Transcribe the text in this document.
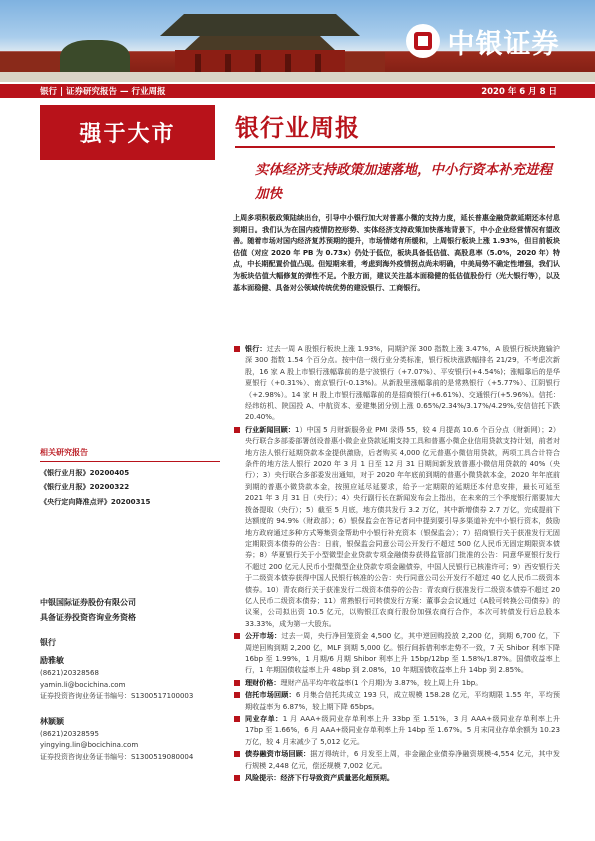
中银证券
银行 | 证券研究报告 — 行业周报	2020 年 6 月 8 日
强于大市	银行业周报
实体经济支持政策加速落地，中小行资本补充进程加快
上周多项积极政策陆续出台，引导中小银行加大对普惠小微的支持力度，延长普惠金融贷款延期还本付息到期日。我们认为在国内疫情防控形势、实体经济支持政策加快落地背景下，中小企业经营情况有望改善。随着市场对国内经济复苏预期的提升，市场情绪有所缓和，上周银行板块上涨 1.93%，但目前板块估值（对应 2020 年 PB 为 0.73x）仍处于低位，板块具备低估值、高股息率（5.0%，2020 年）特点，中长期配置价值凸现。但短期来看，考虑到海外疫情拐点尚未明确，中美局势不确定性增强，我们认为板块估值大幅修复的弹性不足。个股方面，建议关注基本面稳健的低估值股份行（光大银行等），以及基本面稳健、具备对公领域传统优势的建设银行、工商银行。
银行：过去一周 A 股银行板块上涨 1.93%，同期沪深 300 指数上涨 3.47%，A 股银行板块跑输沪深 300 指数 1.54 个百分点。按中信一级行业分类标准，银行板块涨跌幅排名 21/29，不考虑次新股，16 家 A 股上市银行涨幅靠前的是宁波银行（+7.07%）、平安银行(+4.54%)；涨幅靠后的是华夏银行（+0.31%）、南京银行(-0.13%)。从新股里涨幅靠前的是常熟银行（+5.77%）、江阴银行（+2.98%）。14 家 H 股上市银行涨幅靠前的是招商银行(+6.61%)、交通银行(+5.96%)。信托：经纬纺机、陕国投 A、中航资本、爱建集团分别上涨 0.65%/2.34%/3.17%/4.29%,安信信托下跌 20.40%。
行业新闻回顾：1）中国 5 月财新服务业 PMI 录得 55，较 4 月提高 10.6 个百分点（财新网）；2）央行联合多部委部署创设普惠小微企业贷款延期支持工具和普惠小微企业信用贷款支持计划，前者对地方法人银行延期贷款本金提供激励，后者购买 4,000 亿元普惠小微信用贷款，两项工具合计符合条件的地方法人银行 2020 年 3 月 1 日至 12 月 31 日期间新发放普惠小微信用贷款的 40%（央行）；3）央行联合多部委发出通知，对于 2020 年年底前到期的普惠小微贷款本金，2020 年年底前到期的普惠小微贷款本金，按照应延尽延要求，给予一定期限的延期还本付息安排，最长可延至 2021 年 3 月 31 日（央行）；4）央行副行长在新闻发布会上指出，在未来的三个季度银行需要加大拨备提取（央行）；5）截至 5 月底，地方债共发行 3.2 万亿，其中新增债券 2.7 万亿，完成提前下达额度的 94.9%（财政部）；6）银保监会在答记者问中提到要引导多渠道补充中小银行资本，鼓励地方政府通过多种方式筹集资金帮助中小银行补充资本（银保监会）；7）招商银行关于获准发行无固定期限资本债券的公告：日前，银保监会同意公司公开发行不超过 500 亿人民币无固定期限资本债券；8）华夏银行关于小型微型企业贷款专项金融债券获得监管部门批准的公告：同意华夏银行发行不超过 200 亿元人民币小型微型企业贷款专项金融债券，中国人民银行已核准许可；9）西安银行关于二级资本债券获得中国人民银行核准的公告：央行同意公司公开发行不超过 40 亿人民币二级资本债券。10）青农商行关于获准发行二级资本债券的公告：青农商行获准发行二级资本债券不超过 20 亿人民币二级资本债券；11）常熟银行可转债发行方案：董事会会议通过《A股可转换公司债券》的议案，公司拟出资 10.5 亿元，以购银江农商行股份加强农商行合作，本次可转债发行后总股本 33.33%，成为第一大股东。
公开市场：过去一周，央行净回笼资金 4,500 亿，其中逆回购投放 2,200 亿，到期 6,700 亿，下周逆回购到期 2,200 亿，MLF 到期 5,000 亿。银行间拆借利率走势不一致，7 天 Shibor 利率下降 16bp 至 1.99%，1 月期/6 月期 Shibor 利率上升 15bp/12bp 至 1.58%/1.87%。国债收益率上行，1 年期国债收益率上升 48bp 到 2.08%，10 年期国债收益率上升 14bp 到 2.85%。
理财价格：理财产品平均年收益率(1 个月期)为 3.87%，较上周上升 1bp。
信托市场回顾：6 月集合信托共成立 193 只，成立规模 158.28 亿元，平均期限 1.55 年，平均预期收益率为 6.87%，较上期下降 65bps。
同业存单：1 月 AAA+级同业存单利率上升 33bp 至 1.51%，3 月 AAA+级同业存单利率上升 17bp 至 1.66%，6 月 AAA+级同业存单利率上升 14bp 至 1.67%。5 月末同业存单余额为 10.23 万亿，较 4 月末减少了 5,012 亿元。
债券融资市场回顾：据万得统计，6 月发至上周，非金融企业债券净融资规模-4,554 亿元，其中发行规模 2,448 亿元，偿还规模 7,002 亿元。
风险提示：经济下行导致资产质量恶化超预期。
相关研究报告
《银行业月报》20200405
《银行业月报》20200322
《央行定向降准点评》20200315
中银国际证券股份有限公司
具备证券投资咨询业务资格
银行
励雅敏
(8621)20328568
yamin.li@bocichina.com
证券投资咨询业务证书编号：S1300517100003
林颖颖
(8621)20328595
yingying.lin@bocichina.com
证券投资咨询业务证书编号：S1300519080004
